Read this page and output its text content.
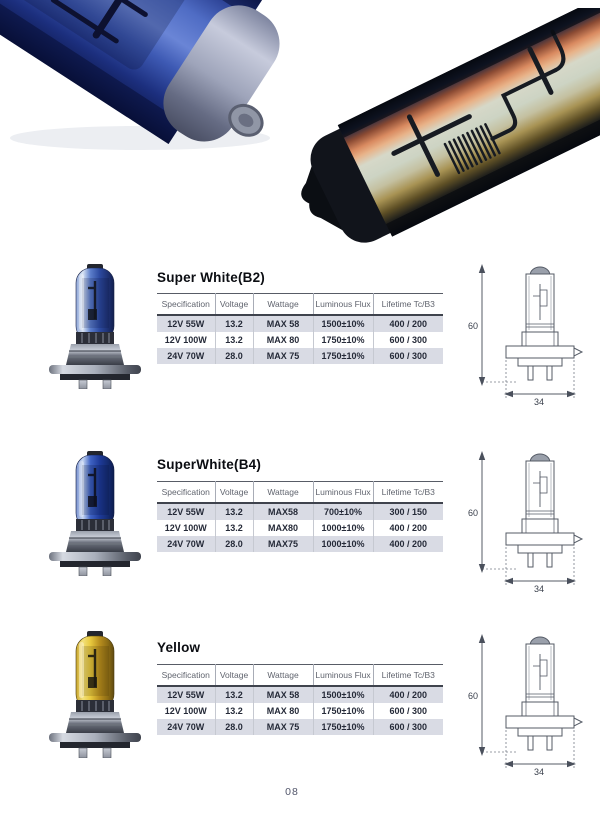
Super White(B2)
Specification	Voltage	Wattage	Luminous Flux	Lifetime Tc/B3
12V 55W	13.2	MAX 58	1500±10%	400 / 200
12V 100W	13.2	MAX 80	1750±10%	600 / 300
24V 70W	28.0	MAX 75	1750±10%	600 / 300
60
34
SuperWhite(B4)
Specification	Voltage	Wattage	Luminous Flux	Lifetime Tc/B3
12V 55W	13.2	MAX58	700±10%	300 / 150
12V 100W	13.2	MAX80	1000±10%	400 / 200
24V 70W	28.0	MAX75	1000±10%	400 / 200
60
34
Yellow
Specification	Voltage	Wattage	Luminous Flux	Lifetime Tc/B3
12V 55W	13.2	MAX 58	1500±10%	400 / 200
12V 100W	13.2	MAX 80	1750±10%	600 / 300
24V 70W	28.0	MAX 75	1750±10%	600 / 300
60
34
08
